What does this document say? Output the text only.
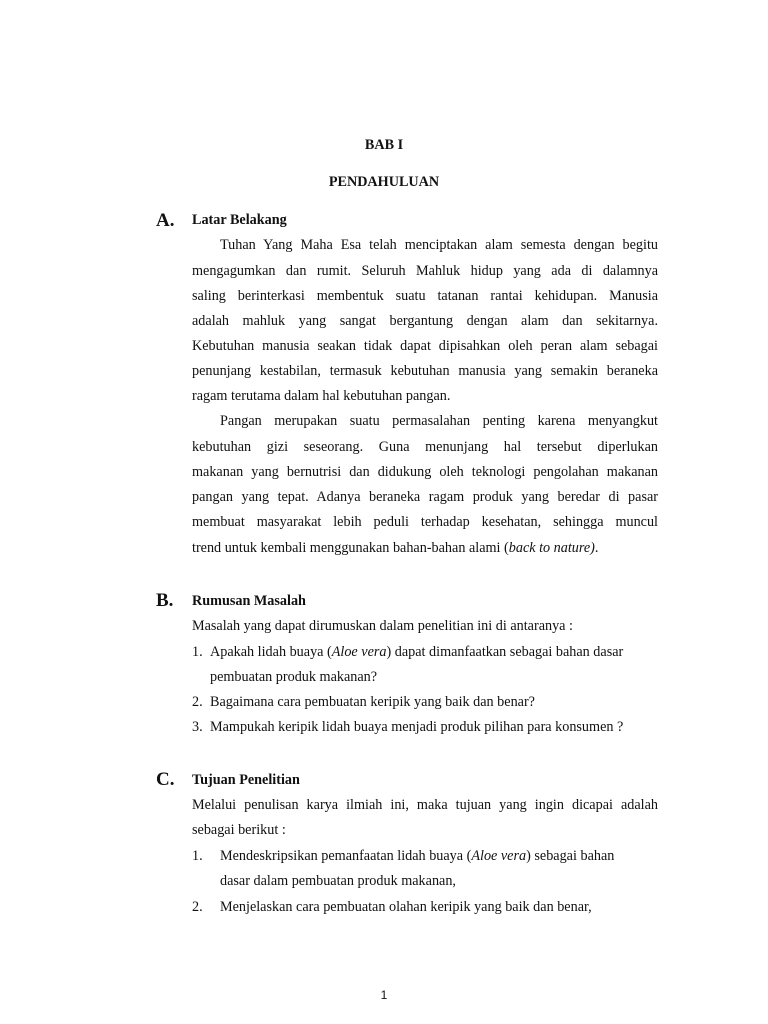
BAB I
PENDAHULUAN
A. Latar Belakang
Tuhan Yang Maha Esa telah menciptakan alam semesta dengan begitu
mengagumkan dan rumit. Seluruh Mahluk hidup yang ada di dalamnya
saling berinterkasi membentuk suatu tatanan rantai kehidupan. Manusia
adalah mahluk yang sangat bergantung dengan alam dan sekitarnya.
Kebutuhan manusia seakan tidak dapat dipisahkan oleh peran alam sebagai
penunjang kestabilan, termasuk kebutuhan manusia yang semakin beraneka
ragam terutama dalam hal kebutuhan pangan.
Pangan merupakan suatu permasalahan penting karena menyangkut
kebutuhan gizi seseorang. Guna menunjang hal tersebut diperlukan
makanan yang bernutrisi dan didukung oleh teknologi pengolahan makanan
pangan yang tepat. Adanya beraneka ragam produk yang beredar di pasar
membuat masyarakat lebih peduli terhadap kesehatan, sehingga muncul
trend untuk kembali menggunakan bahan-bahan alami (back to nature).
B. Rumusan Masalah
Masalah yang dapat dirumuskan dalam penelitian ini di antaranya :
1. Apakah lidah buaya (Aloe vera) dapat dimanfaatkan sebagai bahan dasar
pembuatan produk makanan?
2. Bagaimana cara pembuatan keripik yang baik dan benar?
3. Mampukah keripik lidah buaya menjadi produk pilihan para konsumen ?
C. Tujuan Penelitian
Melalui penulisan karya ilmiah ini, maka tujuan yang ingin dicapai adalah
sebagai berikut :
1. Mendeskripsikan pemanfaatan lidah buaya (Aloe vera) sebagai bahan
dasar dalam pembuatan produk makanan,
2. Menjelaskan cara pembuatan olahan keripik yang baik dan benar,
1
